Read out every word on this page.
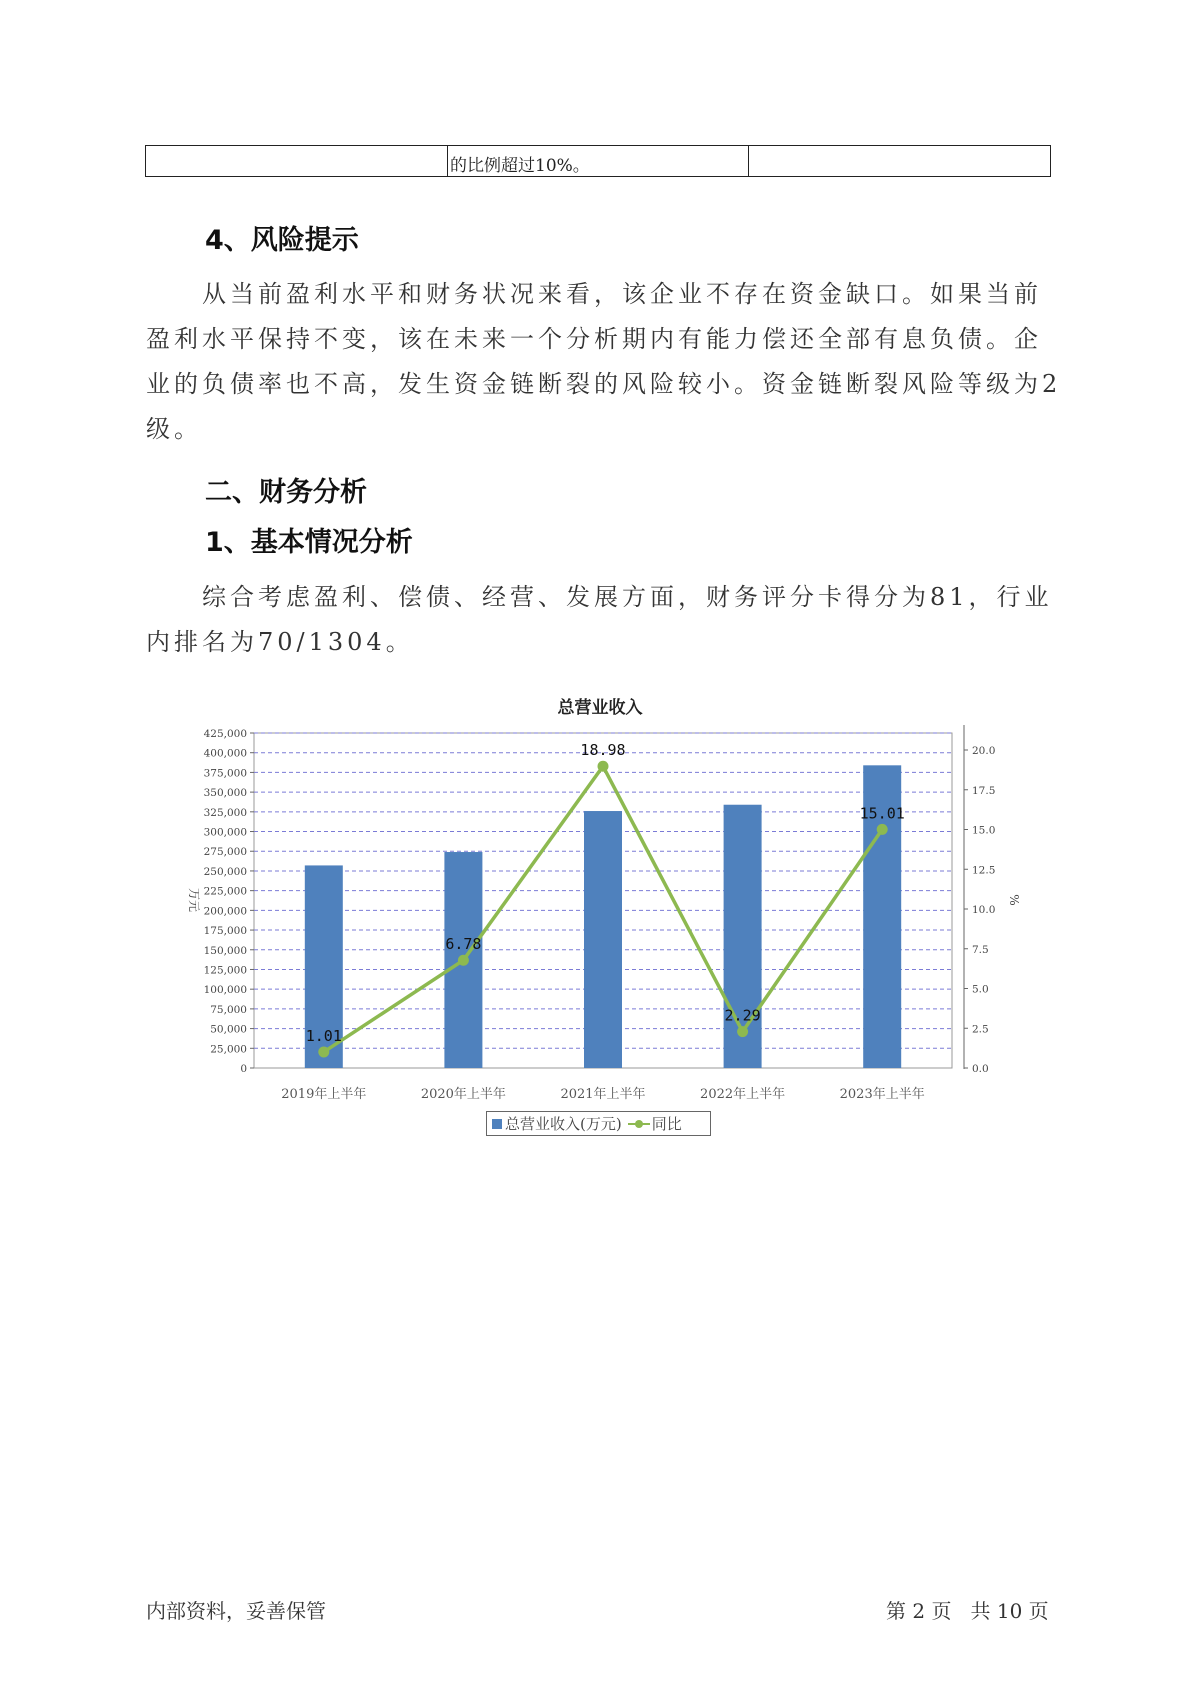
的比例超过10%。
4、风险提示
从当前盈利水平和财务状况来看，该企业不存在资金缺口。如果当前
盈利水平保持不变，该在未来一个分析期内有能力偿还全部有息负债。企
业的负债率也不高，发生资金链断裂的风险较小。资金链断裂风险等级为2
级。
二、财务分析
1、基本情况分析
综合考虑盈利、偿债、经营、发展方面，财务评分卡得分为81，行业
内排名为70/1304。
总营业收入
0
25,000
50,000
75,000
100,000
125,000
150,000
175,000
200,000
225,000
250,000
275,000
300,000
325,000
350,000
375,000
400,000
425,000
0.0
2.5
5.0
7.5
10.0
12.5
15.0
17.5
20.0
万元	%
2019年上半年	2020年上半年	2021年上半年	2022年上半年	2023年上半年
1.01
6.78
18.98
2.29
15.01
总营业收入(万元) 同比
内部资料，妥善保管	第 2 页   共 10 页
